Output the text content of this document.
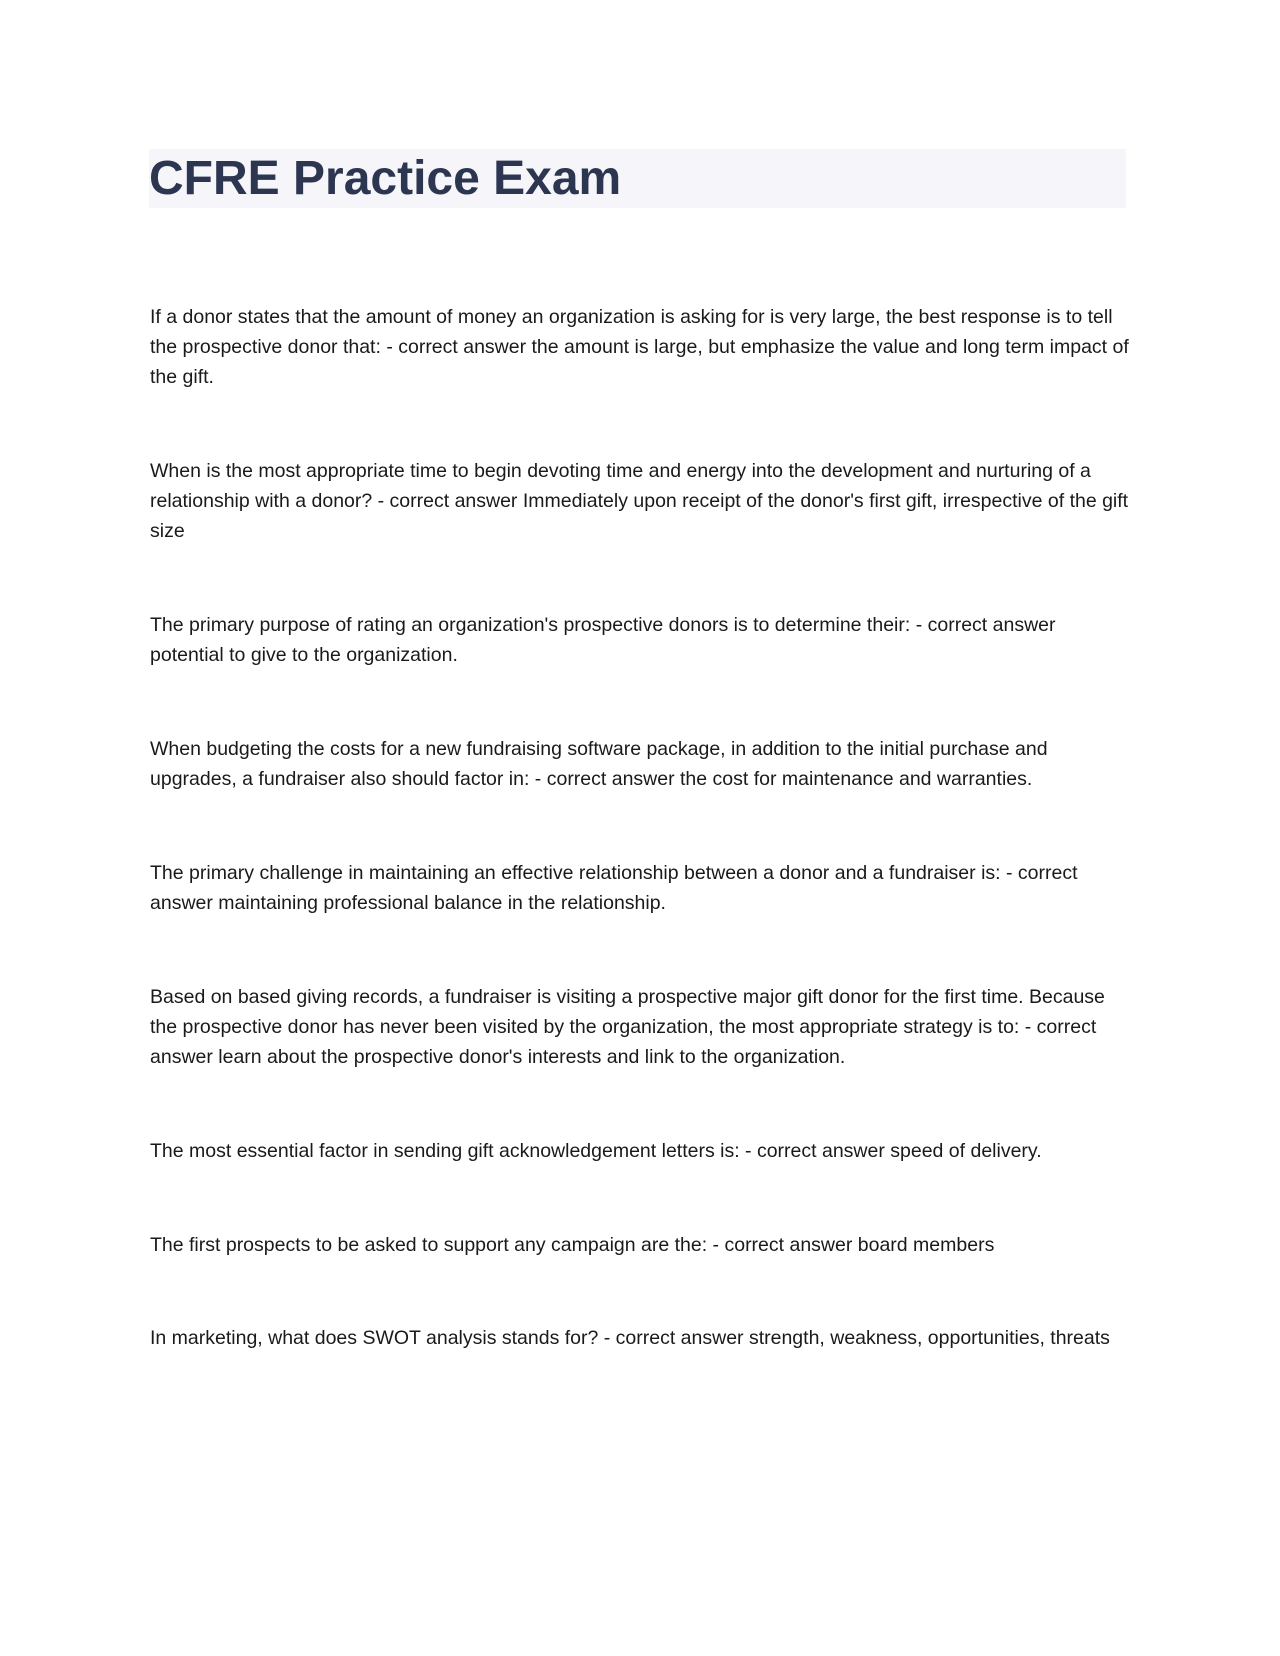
CFRE Practice Exam

If a donor states that the amount of money an organization is asking for is very large, the best response is to tell the prospective donor that: - correct answer the amount is large, but emphasize the value and long term impact of the gift.

When is the most appropriate time to begin devoting time and energy into the development and nurturing of a relationship with a donor? - correct answer Immediately upon receipt of the donor's first gift, irrespective of the gift size

The primary purpose of rating an organization's prospective donors is to determine their: - correct answer potential to give to the organization.

When budgeting the costs for a new fundraising software package, in addition to the initial purchase and upgrades, a fundraiser also should factor in: - correct answer the cost for maintenance and warranties.

The primary challenge in maintaining an effective relationship between a donor and a fundraiser is: - correct answer maintaining professional balance in the relationship.

Based on based giving records, a fundraiser is visiting a prospective major gift donor for the first time. Because the prospective donor has never been visited by the organization, the most appropriate strategy is to: - correct answer learn about the prospective donor's interests and link to the organization.

The most essential factor in sending gift acknowledgement letters is: - correct answer speed of delivery.

The first prospects to be asked to support any campaign are the: - correct answer board members

In marketing, what does SWOT analysis stands for? - correct answer strength, weakness, opportunities, threats
